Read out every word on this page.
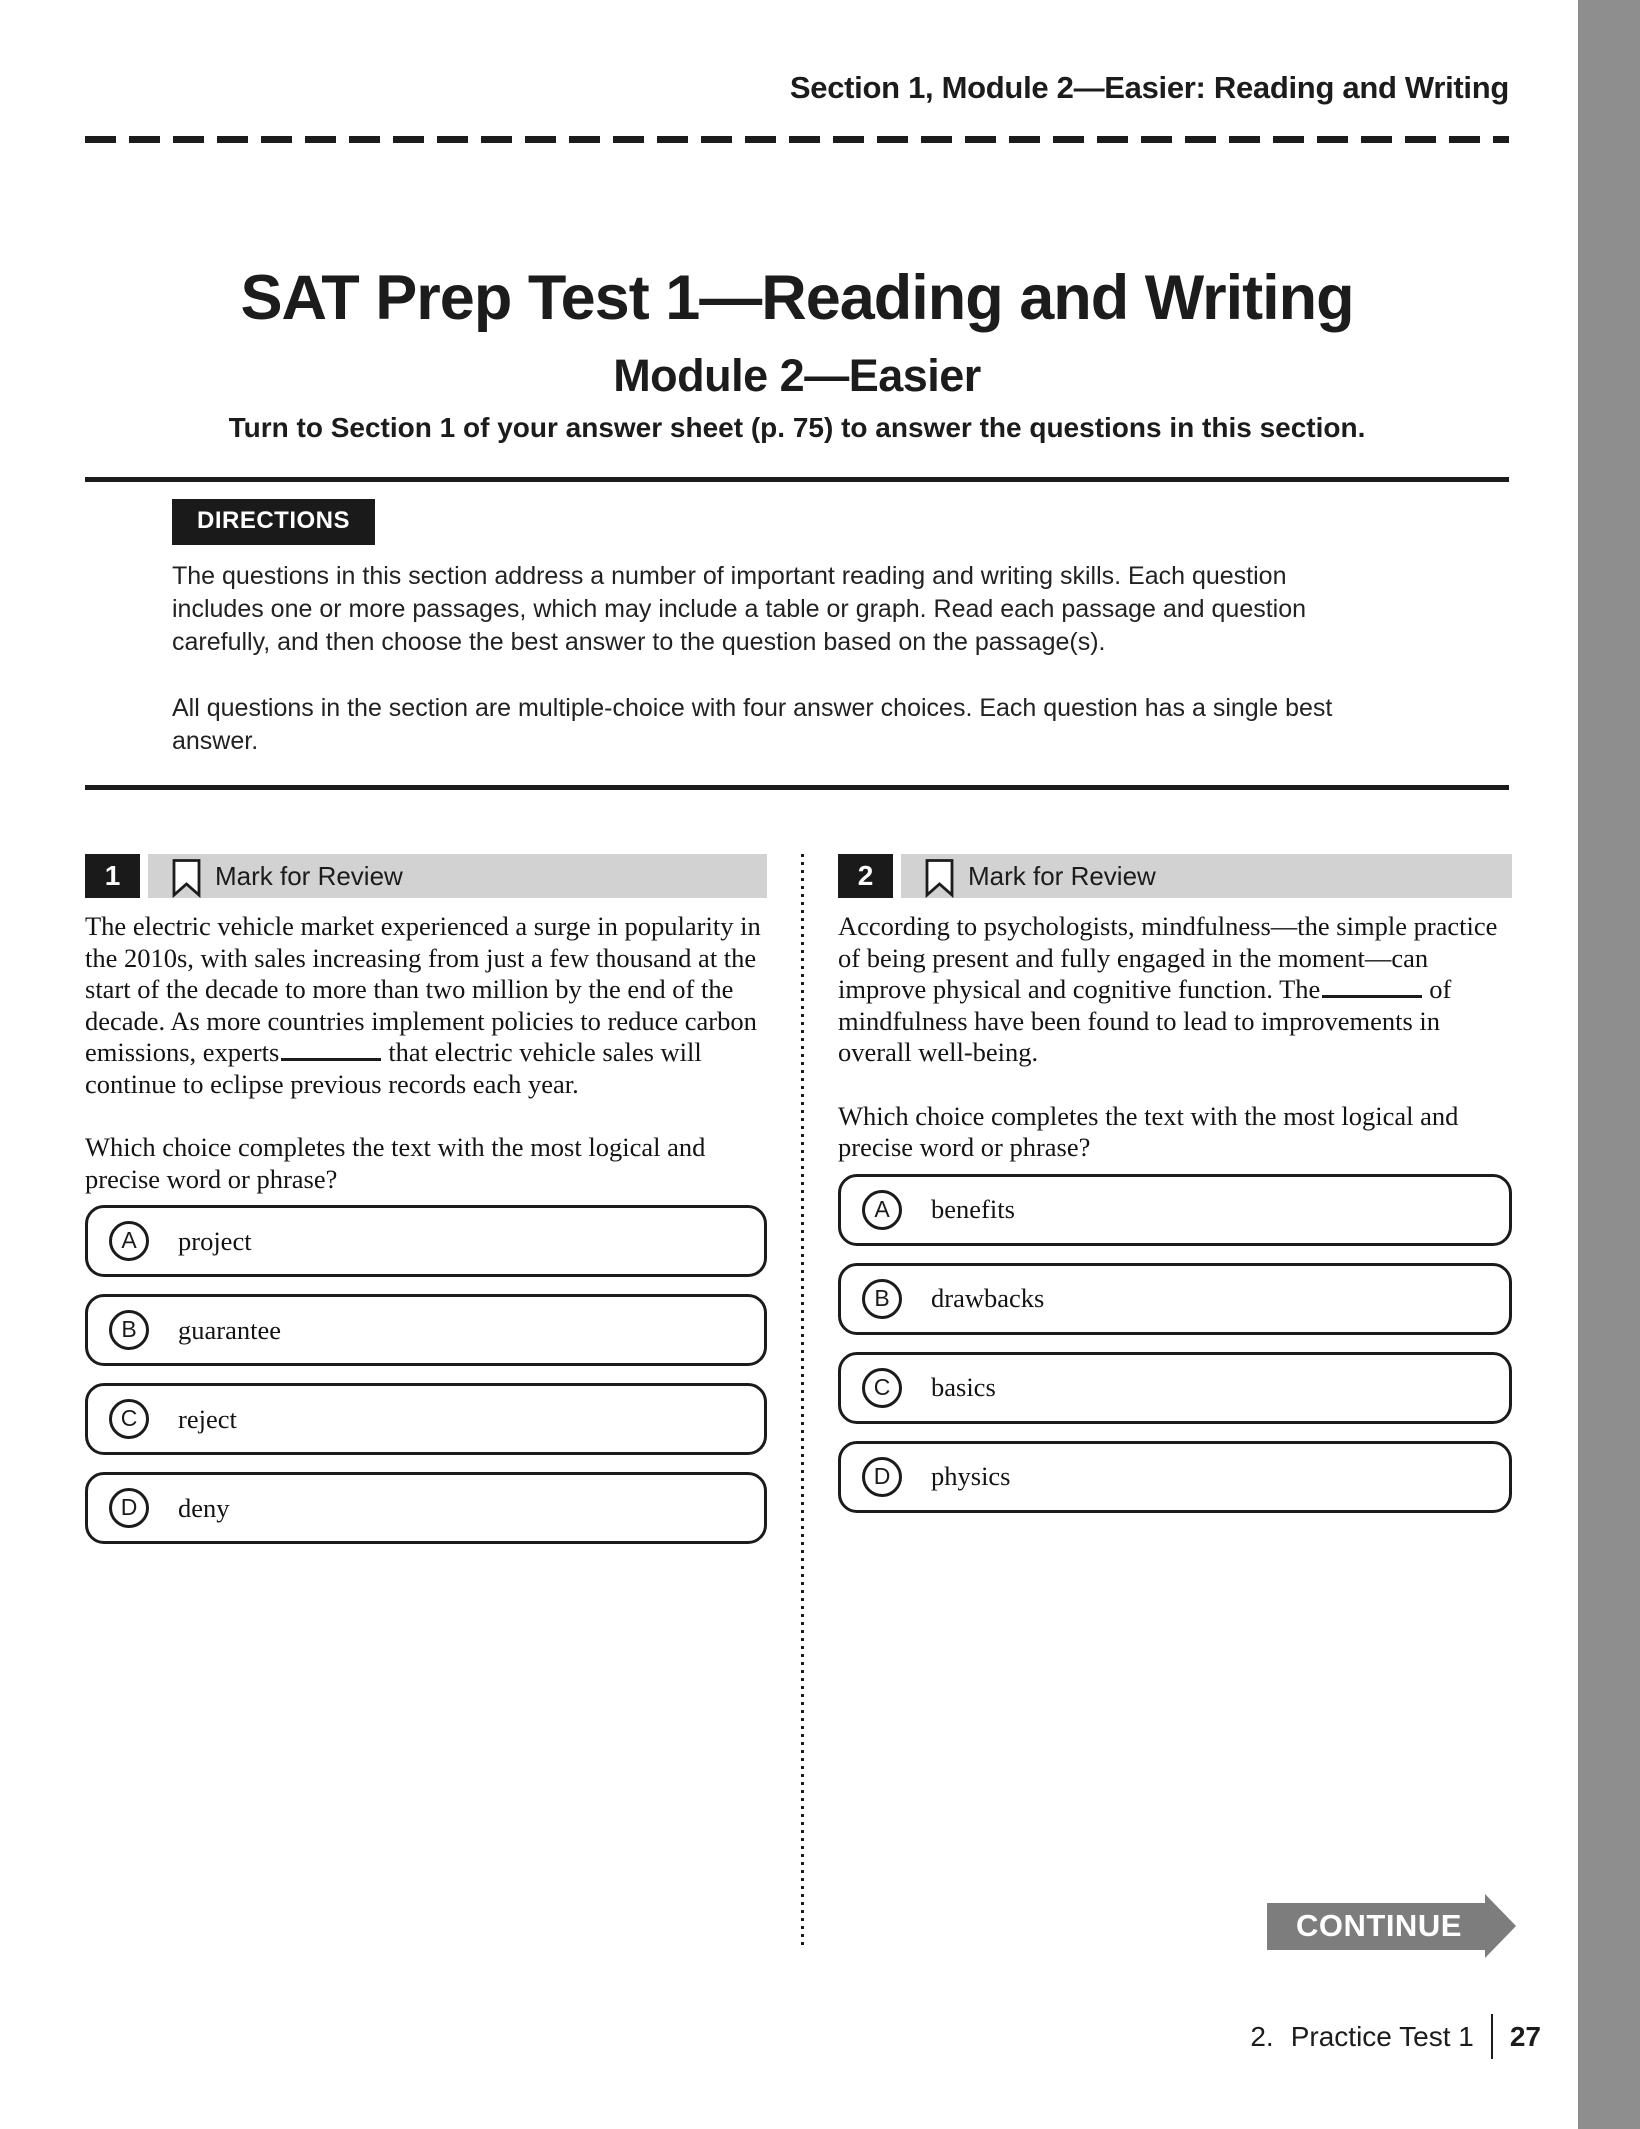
Section 1, Module 2—Easier: Reading and Writing
SAT Prep Test 1—Reading and Writing
Module 2—Easier
Turn to Section 1 of your answer sheet (p. 75) to answer the questions in this section.
DIRECTIONS

The questions in this section address a number of important reading and writing skills. Each question includes one or more passages, which may include a table or graph. Read each passage and question carefully, and then choose the best answer to the question based on the passage(s).

All questions in the section are multiple-choice with four answer choices. Each question has a single best answer.

1	Mark for Review

The electric vehicle market experienced a surge in popularity in the 2010s, with sales increasing from just a few thousand at the start of the decade to more than two million by the end of the decade. As more countries implement policies to reduce carbon emissions, experts	that electric vehicle sales will continue to eclipse previous records each year.

Which choice completes the text with the most logical and precise word or phrase?

A	project
B	guarantee
C	reject
D	deny
2	Mark for Review

According to psychologists, mindfulness—the simple practice of being present and fully engaged in the moment—can improve physical and cognitive function. The	of mindfulness have been found to lead to improvements in overall well-being.

Which choice completes the text with the most logical and precise word or phrase?

A	benefits
B	drawbacks
C	basics
D	physics
CONTINUE
2. Practice Test 1 27
